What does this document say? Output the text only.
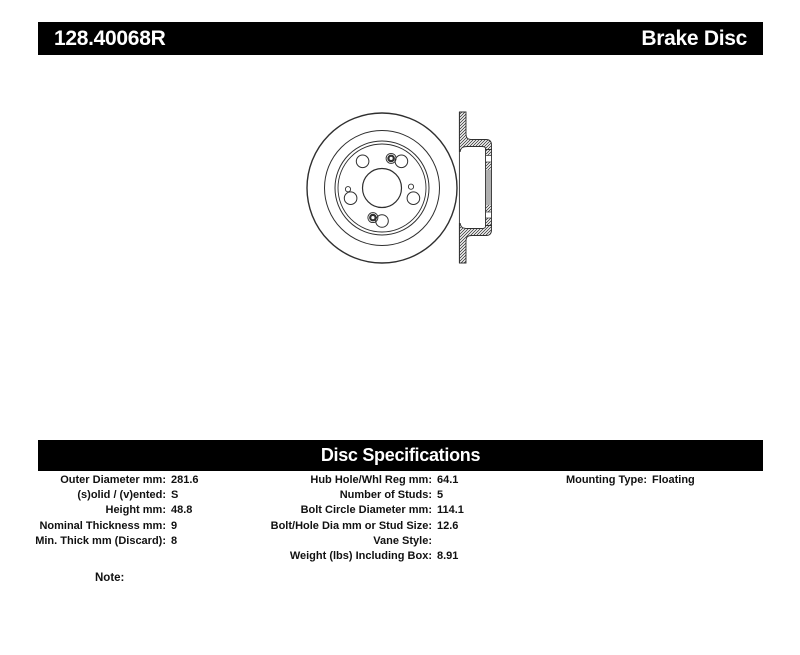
128.40068R	Brake Disc
Disc Specifications
Outer Diameter mm: 281.6
(s)olid / (v)ented: S
Height mm: 48.8
Nominal Thickness mm: 9
Min. Thick mm (Discard): 8
Hub Hole/Whl Reg mm: 64.1
Number of Studs: 5
Bolt Circle Diameter mm: 114.1
Bolt/Hole Dia mm or Stud Size: 12.6
Vane Style:
Weight (lbs) Including Box: 8.91
Mounting Type: Floating
Note:
